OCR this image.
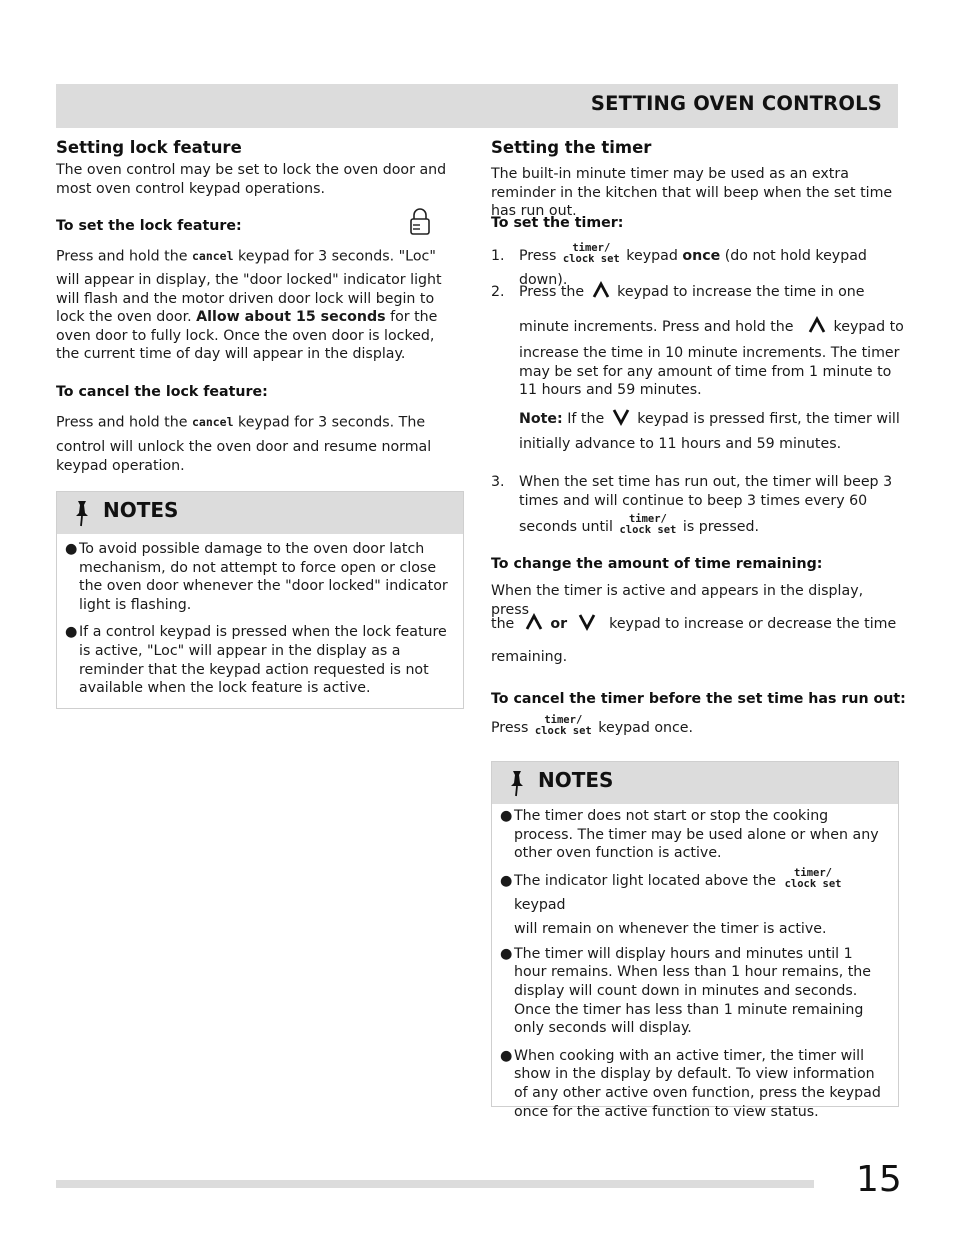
SETTING OVEN CONTROLS
Setting lock feature

The oven control may be set to lock the oven door and most oven control keypad operations.

To set the lock feature:

Press and hold the cancel keypad for 3 seconds. "Loc"

will appear in display, the "door locked" indicator light will flash and the motor driven door lock will begin to lock the oven door. Allow about 15 seconds for the oven door to fully lock. Once the oven door is locked, the current time of day will appear in the display.

To cancel the lock feature:

Press and hold the cancel keypad for 3 seconds. The

control will unlock the oven door and resume normal keypad operation.

NOTES
● To avoid possible damage to the oven door latch mechanism, do not attempt to force open or close the oven door whenever the "door locked" indicator light is flashing.
● If a control keypad is pressed when the lock feature is active, "Loc" will appear in the display as a reminder that the keypad action requested is not available when the lock feature is active.
Setting the timer

The built-in minute timer may be used as an extra reminder in the kitchen that will beep when the set time has run out.

To set the timer:
1. Press timer/
clock set keypad once (do not hold keypad down).

2. Press the keypad to increase the time in one

minute increments. Press and hold the	keypad to

increase the time in 10 minute increments. The timer may be set for any amount of time from 1 minute to 11 hours and 59 minutes.

Note: If the keypad is pressed first, the timer will

initially advance to 11 hours and 59 minutes.

3. When the set time has run out, the timer will beep 3 times and will continue to beep 3 times every 60

seconds until timer/
clock set is pressed.

To change the amount of time remaining:

When the timer is active and appears in the display, press

the	or	keypad to increase or decrease the time

remaining.

To cancel the timer before the set time has run out:

Press timer/
clock set keypad once.

NOTES
● The timer does not start or stop the cooking process. The timer may be used alone or when any other oven function is active.
● The indicator light located above the timer/
clock set keypad
will remain on whenever the timer is active.
● The timer will display hours and minutes until 1 hour remains. When less than 1 hour remains, the display will count down in minutes and seconds. Once the timer has less than 1 minute remaining only seconds will display.
● When cooking with an active timer, the timer will show in the display by default. To view information of any other active oven function, press the keypad once for the active function to view status.
15
